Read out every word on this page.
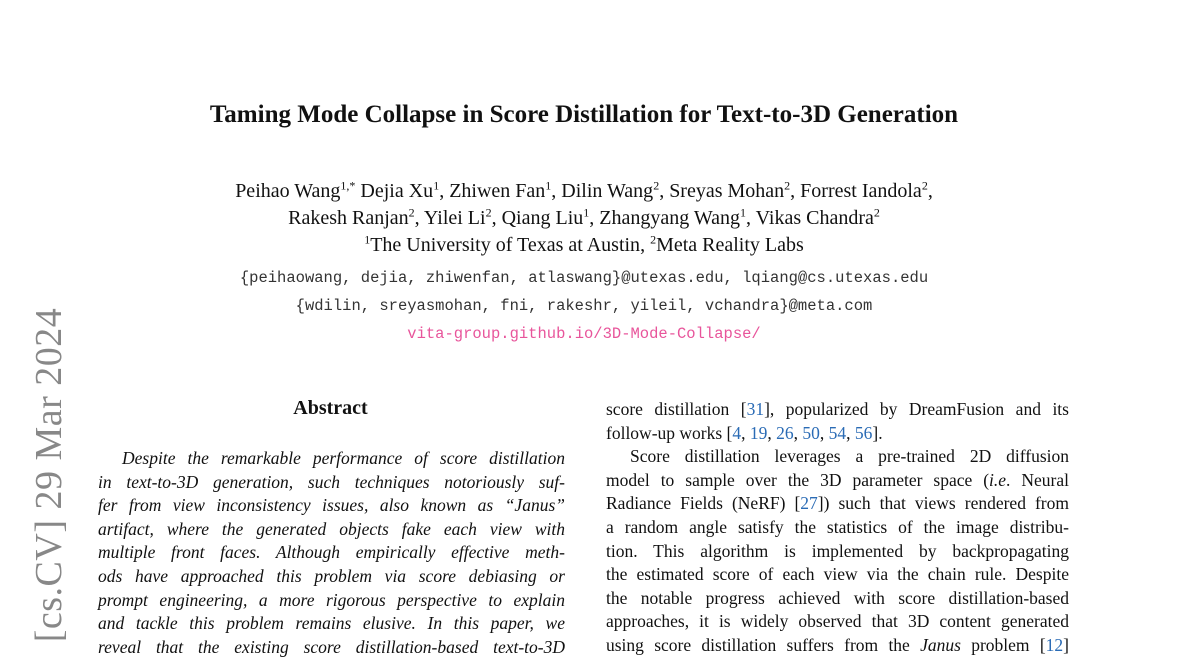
[cs.CV] 29 Mar 2024
Taming Mode Collapse in Score Distillation for Text-to-3D Generation
Peihao Wang$^{1,*}$ Dejia Xu$^1$, Zhiwen Fan$^1$, Dilin Wang$^2$, Sreyas Mohan$^2$, Forrest Iandola$^2$,
Rakesh Ranjan$^2$, Yilei Li$^2$, Qiang Liu$^1$, Zhangyang Wang$^1$, Vikas Chandra$^2$
$^1$The University of Texas at Austin, $^2$Meta Reality Labs
{peihaowang, dejia, zhiwenfan, atlaswang}@utexas.edu, lqiang@cs.utexas.edu
{wdilin, sreyasmohan, fni, rakeshr, yileil, vchandra}@meta.com
vita-group.github.io/3D-Mode-Collapse/
Abstract
Despite the remarkable performance of score distillation
in text-to-3D generation, such techniques notoriously suf-
fer from view inconsistency issues, also known as “Janus”
artifact, where the generated objects fake each view with
multiple front faces. Although empirically effective meth-
ods have approached this problem via score debiasing or
prompt engineering, a more rigorous perspective to explain
and tackle this problem remains elusive. In this paper, we
reveal that the existing score distillation-based text-to-3D
score distillation [31], popularized by DreamFusion and its
follow-up works [4, 19, 26, 50, 54, 56].
Score distillation leverages a pre-trained 2D diffusion
model to sample over the 3D parameter space (i.e. Neural
Radiance Fields (NeRF) [27]) such that views rendered from
a random angle satisfy the statistics of the image distribu-
tion. This algorithm is implemented by backpropagating
the estimated score of each view via the chain rule. Despite
the notable progress achieved with score distillation-based
approaches, it is widely observed that 3D content generated
using score distillation suffers from the Janus problem [12]
